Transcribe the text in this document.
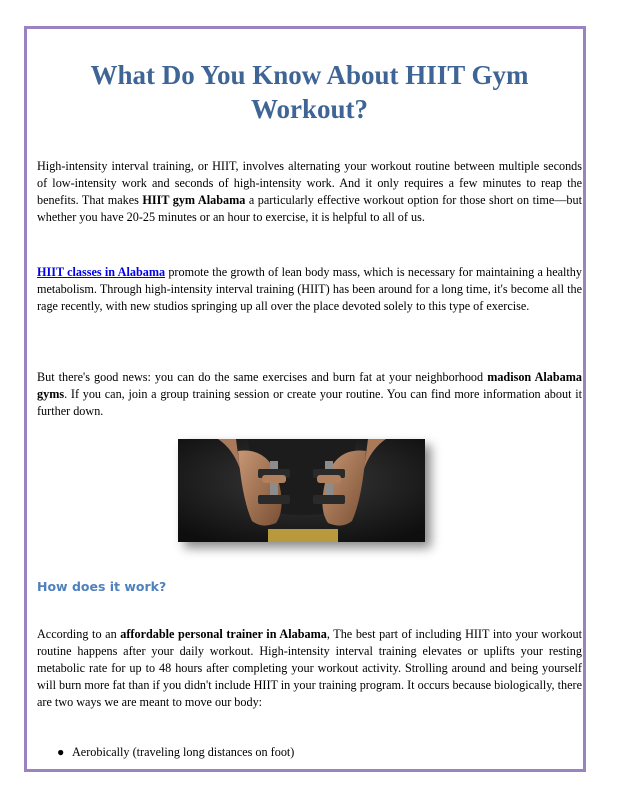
What Do You Know About HIIT Gym Workout?

High-intensity interval training, or HIIT, involves alternating your workout routine between multiple seconds of low-intensity work and seconds of high-intensity work. And it only requires a few minutes to reap the benefits. That makes HIIT gym Alabama a particularly effective workout option for those short on time—but whether you have 20-25 minutes or an hour to exercise, it is helpful to all of us.

HIIT classes in Alabama promote the growth of lean body mass, which is necessary for maintaining a healthy metabolism. Through high-intensity interval training (HIIT) has been around for a long time, it's become all the rage recently, with new studios springing up all over the place devoted solely to this type of exercise.

But there's good news: you can do the same exercises and burn fat at your neighborhood madison Alabama gyms. If you can, join a group training session or create your routine. You can find more information about it further down.

How does it work?

According to an affordable personal trainer in Alabama, The best part of including HIIT into your workout routine happens after your daily workout. High-intensity interval training elevates or uplifts your resting metabolic rate for up to 48 hours after completing your workout activity. Strolling around and being yourself will burn more fat than if you didn't include HIIT in your training program. It occurs because biologically, there are two ways we are meant to move our body:

● Aerobically (traveling long distances on foot)
